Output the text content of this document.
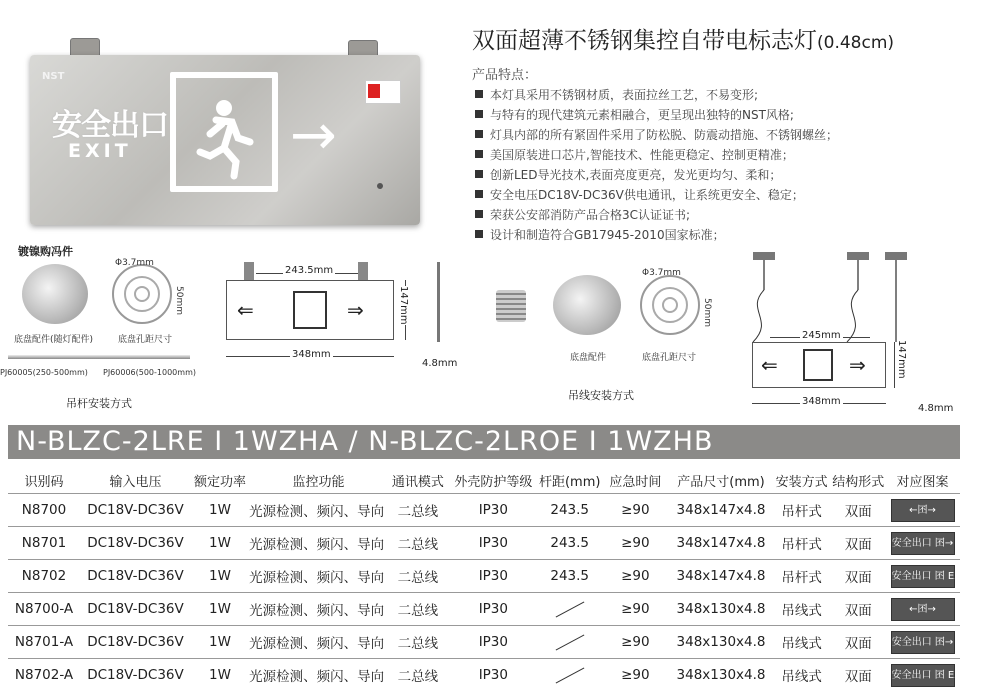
NST
安全出口
EXIT	→
双面超薄不锈钢集控自带电标志灯(0.48cm)
产品特点：
本灯具采用不锈钢材质，表面拉丝工艺，不易变形;
与特有的现代建筑元素相融合，更呈现出独特的NST风格;
灯具内部的所有紧固件采用了防松脱、防震动措施、不锈钢螺丝；
美国原装进口芯片,智能技术、性能更稳定、控制更精准；
创新LED导光技术,表面亮度更亮，发光更均匀、柔和；
安全电压DC18V-DC36V供电通讯，让系统更安全、稳定；
荣获公安部消防产品合格3C认证证书;
设计和制造符合GB17945-2010国家标准；
镀镍购冯件
Φ3.7mm
50mm
底盘配件(随灯配件)	底盘孔距尺寸
PJ60005(250-500mm) PJ60006(500-1000mm)
吊杆安装方式
243.5mm
⇐	⇒
348mm
147mm
4.8mm
Φ3.7mm
50mm
底盘配件	底盘孔距尺寸
吊线安装方式
245mm
⇐	⇒
348mm
147mm
4.8mm
N-BLZC-2LRE I 1WZHA / N-BLZC-2LROE I 1WZHB
识别码	输入电压	额定功率	监控功能	通讯模式	外壳防护等级	杆距(mm)	应急时间	产品尺寸(mm)	安装方式	结构形式	对应图案
N8700	DC18V-DC36V	1W	光源检测、频闪、导向	二总线	IP30	243.5	≥90	348x147x4.8	吊杆式	双面	←囨→
N8701	DC18V-DC36V	1W	光源检测、频闪、导向	二总线	IP30	243.5	≥90	348x147x4.8	吊杆式	双面	安全出口 囨→
N8702	DC18V-DC36V	1W	光源检测、频闪、导向	二总线	IP30	243.5	≥90	348x147x4.8	吊杆式	双面	安全出口 囨 EXIT
N8700-A	DC18V-DC36V	1W	光源检测、频闪、导向	二总线	IP30		≥90	348x130x4.8	吊线式	双面	←囨→
N8701-A	DC18V-DC36V	1W	光源检测、频闪、导向	二总线	IP30		≥90	348x130x4.8	吊线式	双面	安全出口 囨→
N8702-A	DC18V-DC36V	1W	光源检测、频闪、导向	二总线	IP30		≥90	348x130x4.8	吊线式	双面	安全出口 囨 EXIT
